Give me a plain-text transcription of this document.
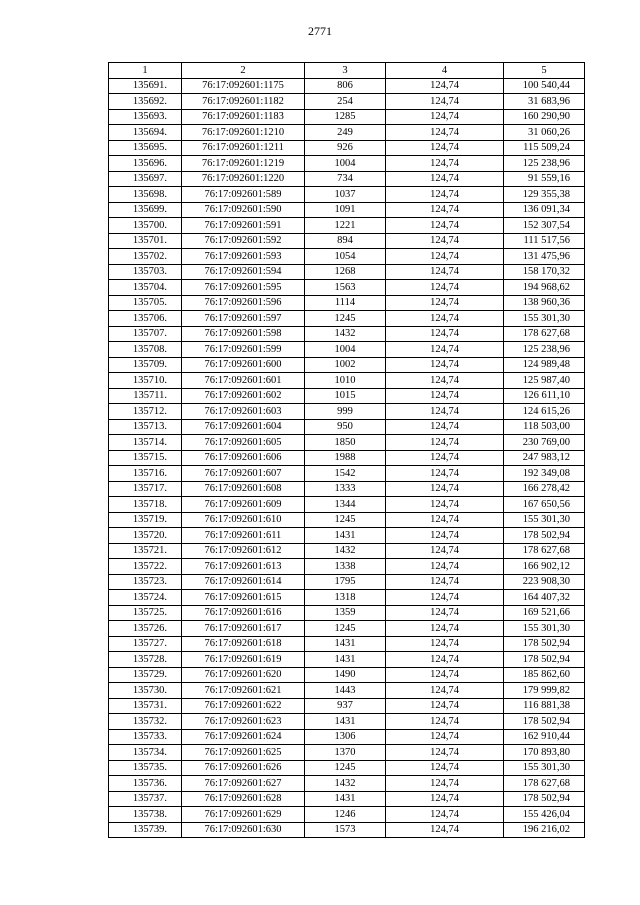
2771
1	2	3	4	5
135691.	76:17:092601:1175	806	124,74	100 540,44
135692.	76:17:092601:1182	254	124,74	31 683,96
135693.	76:17:092601:1183	1285	124,74	160 290,90
135694.	76:17:092601:1210	249	124,74	31 060,26
135695.	76:17:092601:1211	926	124,74	115 509,24
135696.	76:17:092601:1219	1004	124,74	125 238,96
135697.	76:17:092601:1220	734	124,74	91 559,16
135698.	76:17:092601:589	1037	124,74	129 355,38
135699.	76:17:092601:590	1091	124,74	136 091,34
135700.	76:17:092601:591	1221	124,74	152 307,54
135701.	76:17:092601:592	894	124,74	111 517,56
135702.	76:17:092601:593	1054	124,74	131 475,96
135703.	76:17:092601:594	1268	124,74	158 170,32
135704.	76:17:092601:595	1563	124,74	194 968,62
135705.	76:17:092601:596	1114	124,74	138 960,36
135706.	76:17:092601:597	1245	124,74	155 301,30
135707.	76:17:092601:598	1432	124,74	178 627,68
135708.	76:17:092601:599	1004	124,74	125 238,96
135709.	76:17:092601:600	1002	124,74	124 989,48
135710.	76:17:092601:601	1010	124,74	125 987,40
135711.	76:17:092601:602	1015	124,74	126 611,10
135712.	76:17:092601:603	999	124,74	124 615,26
135713.	76:17:092601:604	950	124,74	118 503,00
135714.	76:17:092601:605	1850	124,74	230 769,00
135715.	76:17:092601:606	1988	124,74	247 983,12
135716.	76:17:092601:607	1542	124,74	192 349,08
135717.	76:17:092601:608	1333	124,74	166 278,42
135718.	76:17:092601:609	1344	124,74	167 650,56
135719.	76:17:092601:610	1245	124,74	155 301,30
135720.	76:17:092601:611	1431	124,74	178 502,94
135721.	76:17:092601:612	1432	124,74	178 627,68
135722.	76:17:092601:613	1338	124,74	166 902,12
135723.	76:17:092601:614	1795	124,74	223 908,30
135724.	76:17:092601:615	1318	124,74	164 407,32
135725.	76:17:092601:616	1359	124,74	169 521,66
135726.	76:17:092601:617	1245	124,74	155 301,30
135727.	76:17:092601:618	1431	124,74	178 502,94
135728.	76:17:092601:619	1431	124,74	178 502,94
135729.	76:17:092601:620	1490	124,74	185 862,60
135730.	76:17:092601:621	1443	124,74	179 999,82
135731.	76:17:092601:622	937	124,74	116 881,38
135732.	76:17:092601:623	1431	124,74	178 502,94
135733.	76:17:092601:624	1306	124,74	162 910,44
135734.	76:17:092601:625	1370	124,74	170 893,80
135735.	76:17:092601:626	1245	124,74	155 301,30
135736.	76:17:092601:627	1432	124,74	178 627,68
135737.	76:17:092601:628	1431	124,74	178 502,94
135738.	76:17:092601:629	1246	124,74	155 426,04
135739.	76:17:092601:630	1573	124,74	196 216,02
